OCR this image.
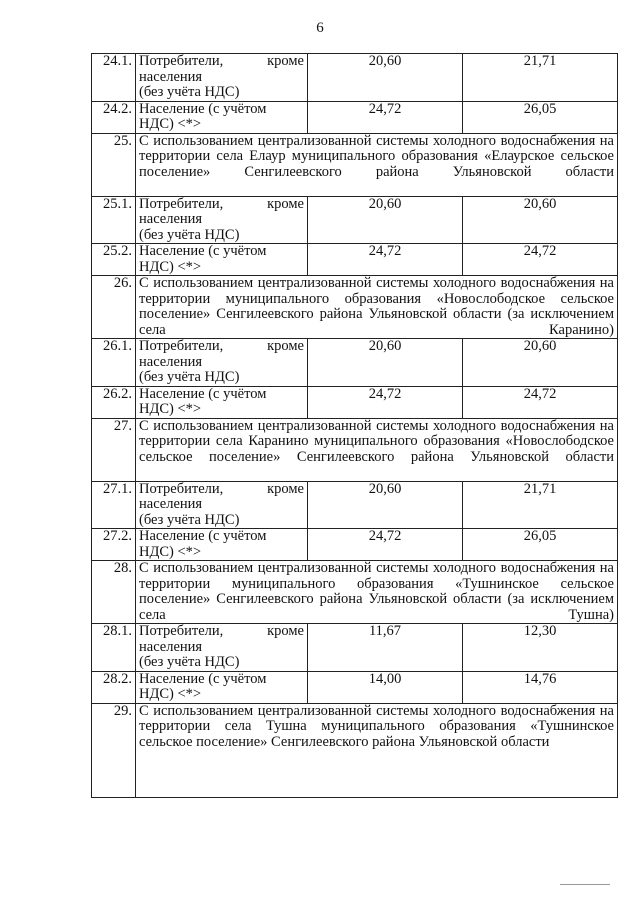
6
24.1.	Потребители, кроме
населения
(без учёта НДС)	20,60	21,71
24.2.	Население (с учётом
НДС) <*>	24,72	26,05
25.	С использованием централизованной системы холодного водоснабжения на территории села Елаур муниципального образования «Елаурское сельское поселение» Сенгилеевского района Ульяновской области		
25.1.	Потребители, кроме
населения
(без учёта НДС)	20,60	20,60
25.2.	Население (с учётом
НДС) <*>	24,72	24,72
26.	С использованием централизованной системы холодного водоснабжения на территории муниципального образования «Новослободское сельское поселение» Сенгилеевского района Ульяновской области (за исключением села Каранино)		
26.1.	Потребители, кроме
населения
(без учёта НДС)	20,60	20,60
26.2.	Население (с учётом
НДС) <*>	24,72	24,72
27.	С использованием централизованной системы холодного водоснабжения на территории села Каранино муниципального образования «Новослободское сельское поселение» Сенгилеевского района Ульяновской области		
27.1.	Потребители, кроме
населения
(без учёта НДС)	20,60	21,71
27.2.	Население (с учётом
НДС) <*>	24,72	26,05
28.	С использованием централизованной системы холодного водоснабжения на территории муниципального образования «Тушнинское сельское поселение» Сенгилеевского района Ульяновской области (за исключением села Тушна)		
28.1.	Потребители, кроме
населения
(без учёта НДС)	11,67	12,30
28.2.	Население (с учётом
НДС) <*>	14,00	14,76
29.	С использованием централизованной системы холодного водоснабжения на территории села Тушна муниципального образования «Тушнинское сельское поселение» Сенгилеевского района Ульяновской области		
